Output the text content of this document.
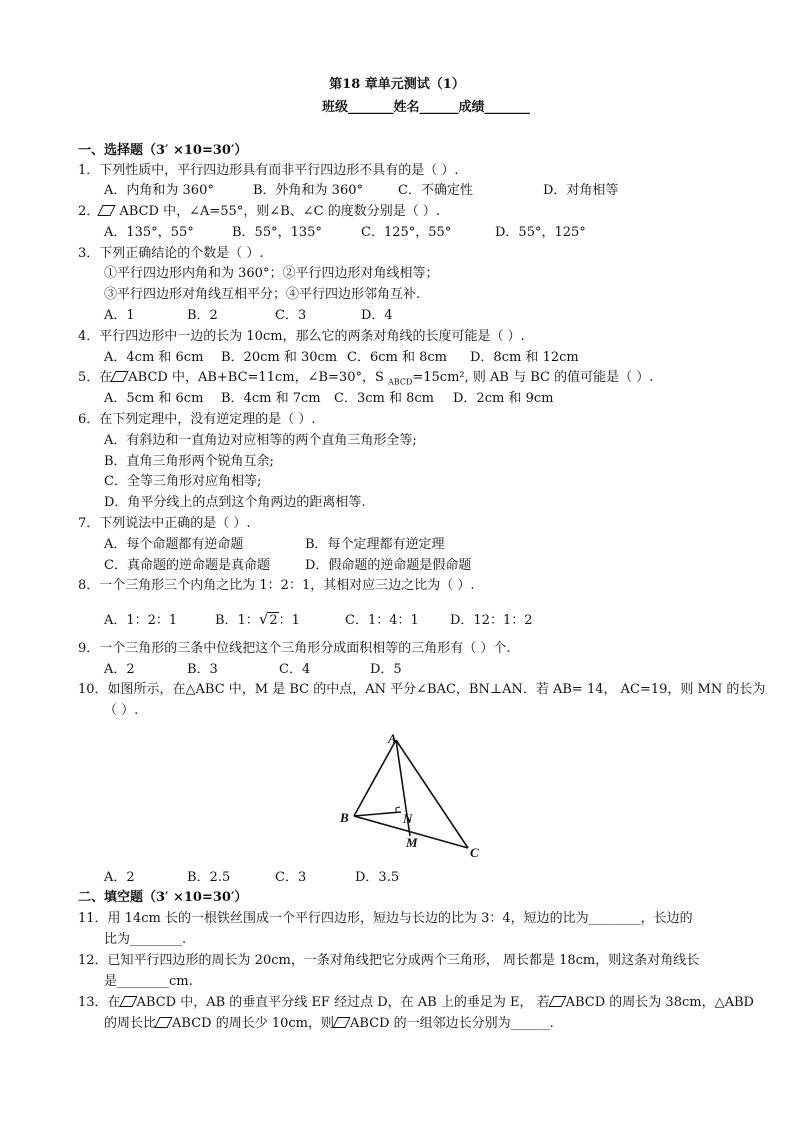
第18 章单元测试（1）
班级_______姓名______成绩_______
一、选择题（3′ ×10=30′）
1．下列性质中，平行四边形具有而非平行四边形不具有的是（ ）.
A．内角和为 360°	B．外角和为 360°	C．不确定性	D．对角相等
2． ABCD 中，∠A=55°，则∠B、∠C 的度数分别是（ ）.
A．135°，55°	B．55°，135°	C．125°，55°	D．55°，125°
3．下列正确结论的个数是（ ）.
①平行四边形内角和为 360°；②平行四边形对角线相等；
③平行四边形对角线互相平分；④平行四边形邻角互补.
A．1	B．2	C．3	D．4
4．平行四边形中一边的长为 10cm，那么它的两条对角线的长度可能是（ ）.
A．4cm 和 6cm B．20cm 和 30cm C．6cm 和 8cm D．8cm 和 12cm
5．在 ABCD 中，AB+BC=11cm，∠B=30°，S $_{ABCD}$=15cm², 则 AB 与 BC 的值可能是（ ）.
A．5cm 和 6cm B．4cm 和 7cm C．3cm 和 8cm D．2cm 和 9cm
6．在下列定理中，没有逆定理的是（ ）.
A．有斜边和一直角边对应相等的两个直角三角形全等;
B．直角三角形两个锐角互余;
C．全等三角形对应角相等;
D．角平分线上的点到这个角两边的距离相等.
7．下列说法中正确的是（ ）.
A．每个命题都有逆命题	B．每个定理都有逆定理
C．真命题的逆命题是真命题	D．假命题的逆命题是假命题
8．一个三角形三个内角之比为 1：2：1，其相对应三边之比为（ ）.
A．1：2：1	B．1：√2：1	C．1：4：1 D．12：1：2
9．一个三角形的三条中位线把这个三角形分成面积相等的三角形有（ ）个.
A．2	B．3	C．4	D．5
10．如图所示，在△ABC 中，M 是 BC 的中点，AN 平分∠BAC，BN⊥AN．若 AB= 14， AC=19，则 MN 的长为
（ ）.
A
B
C
M
N
A．2	B．2.5	C．3	D．3.5
二、填空题（3′ ×10=30′）
11．用 14cm 长的一根铁丝围成一个平行四边形，短边与长边的比为 3：4，短边的比为________，长边的
比为________.
12．已知平行四边形的周长为 20cm，一条对角线把它分成两个三角形， 周长都是 18cm，则这条对角线长
是________cm.
13．在 ABCD 中，AB 的垂直平分线 EF 经过点 D，在 AB 上的垂足为 E， 若 ABCD 的周长为 38cm，△ABD
的周长比 ABCD 的周长少 10cm，则 ABCD 的一组邻边长分别为______.
